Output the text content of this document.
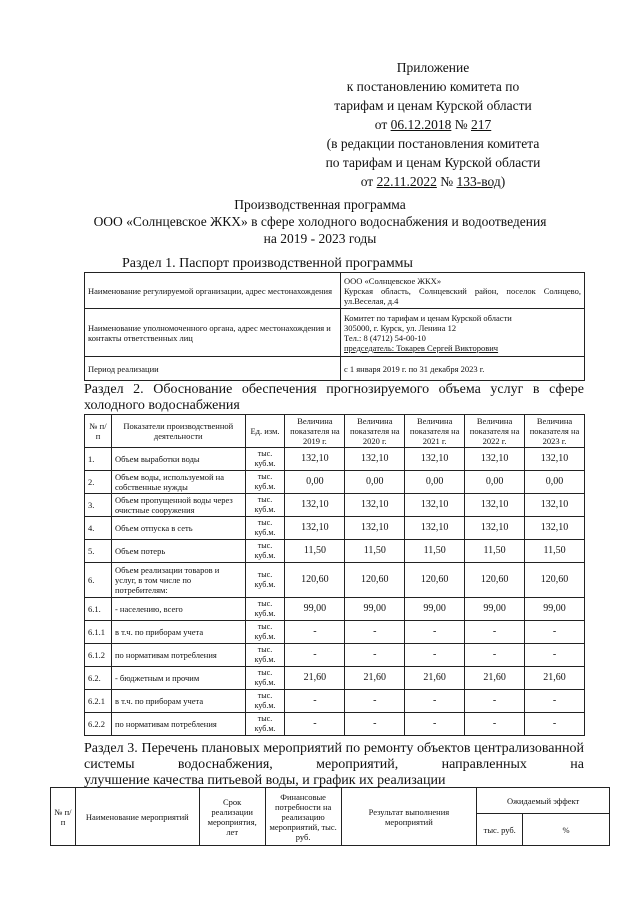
Приложение
к постановлению комитета по
тарифам и ценам Курской области
от 06.12.2018 № 217
(в редакции постановления комитета
по тарифам и ценам Курской области
от 22.11.2022 № 133-вод)
Производственная программа
ООО «Солнцевское ЖКХ» в сфере холодного водоснабжения и водоотведения
на 2019 - 2023 годы
Раздел 1. Паспорт производственной программы
Наименование регулируемой организации, адрес местонахождения	ООО «Солнцевское ЖКХ»
Курская область, Солнцевский район, поселок Солнцево, ул.Веселая, д.4

Наименование уполномоченного органа, адрес местонахождения и контакты ответственных лиц	Комитет по тарифам и ценам Курской области
305000, г. Курск, ул. Ленина 12
Тел.: 8 (4712) 54-00-10
председатель: Токарев Сергей Викторович

Период реализации	с 1 января 2019 г. по 31 декабря 2023 г.
Раздел 2. Обоснование обеспечения прогнозируемого объема услуг в сфере холодного водоснабжения
№ п/п	Показатели производственной деятельности	Ед. изм.	Величина показателя на 2019 г.	Величина показателя на 2020 г.	Величина показателя на 2021 г.	Величина показателя на 2022 г.	Величина показателя на 2023 г.
1.	Объем выработки воды	тыс. куб.м.	132,10	132,10	132,10	132,10	132,10
2.	Объем воды, используемой на собственные нужды	тыс. куб.м.	0,00	0,00	0,00	0,00	0,00
3.	Объем пропущенной воды через очистные сооружения	тыс. куб.м.	132,10	132,10	132,10	132,10	132,10
4.	Объем отпуска в сеть	тыс. куб.м.	132,10	132,10	132,10	132,10	132,10
5.	Объем потерь	тыс. куб.м.	11,50	11,50	11,50	11,50	11,50
6.	Объем реализации товаров и услуг, в том числе по потребителям:	тыс. куб.м.	120,60	120,60	120,60	120,60	120,60
6.1.	- населению, всего	тыс. куб.м.	99,00	99,00	99,00	99,00	99,00
6.1.1	в т.ч. по приборам учета	тыс. куб.м.	-	-	-	-	-
6.1.2	по нормативам потребления	тыс. куб.м.	-	-	-	-	-
6.2.	- бюджетным и прочим	тыс. куб.м.	21,60	21,60	21,60	21,60	21,60
6.2.1	в т.ч. по приборам учета	тыс. куб.м.	-	-	-	-	-
6.2.2	по нормативам потребления	тыс. куб.м.	-	-	-	-	-
Раздел 3. Перечень плановых мероприятий по ремонту объектов централизованной системы водоснабжения, мероприятий, направленных на
улучшение качества питьевой воды, и график их реализации
№ п/ п	Наименование мероприятий	Срок реализации мероприятия, лет	Финансовые потребности на реализацию мероприятий, тыс. руб.	Результат выполнения мероприятий	Ожидаемый эффект	
					тыс. руб.	%
